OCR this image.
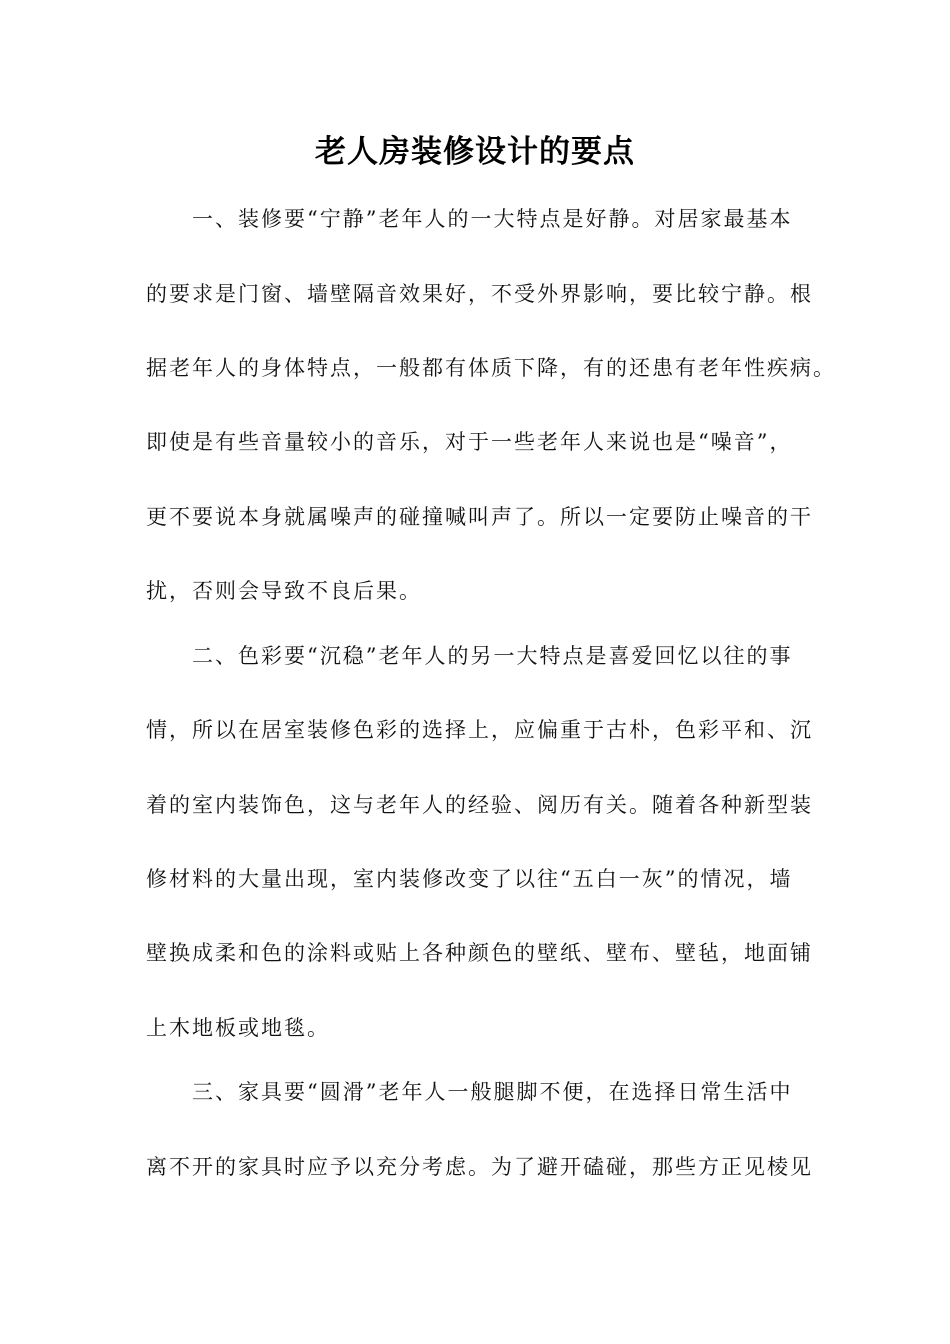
老人房装修设计的要点
一、装修要“宁静”老年人的一大特点是好静。对居家最基本
的要求是门窗、墙壁隔音效果好，不受外界影响，要比较宁静。根
据老年人的身体特点，一般都有体质下降，有的还患有老年性疾病。
即使是有些音量较小的音乐，对于一些老年人来说也是“噪音”，
更不要说本身就属噪声的碰撞喊叫声了。所以一定要防止噪音的干
扰，否则会导致不良后果。
二、色彩要“沉稳”老年人的另一大特点是喜爱回忆以往的事
情，所以在居室装修色彩的选择上，应偏重于古朴，色彩平和、沉
着的室内装饰色，这与老年人的经验、阅历有关。随着各种新型装
修材料的大量出现，室内装修改变了以往“五白一灰”的情况，墙
壁换成柔和色的涂料或贴上各种颜色的壁纸、壁布、壁毡，地面铺
上木地板或地毯。
三、家具要“圆滑”老年人一般腿脚不便，在选择日常生活中
离不开的家具时应予以充分考虑。为了避开磕碰，那些方正见棱见
